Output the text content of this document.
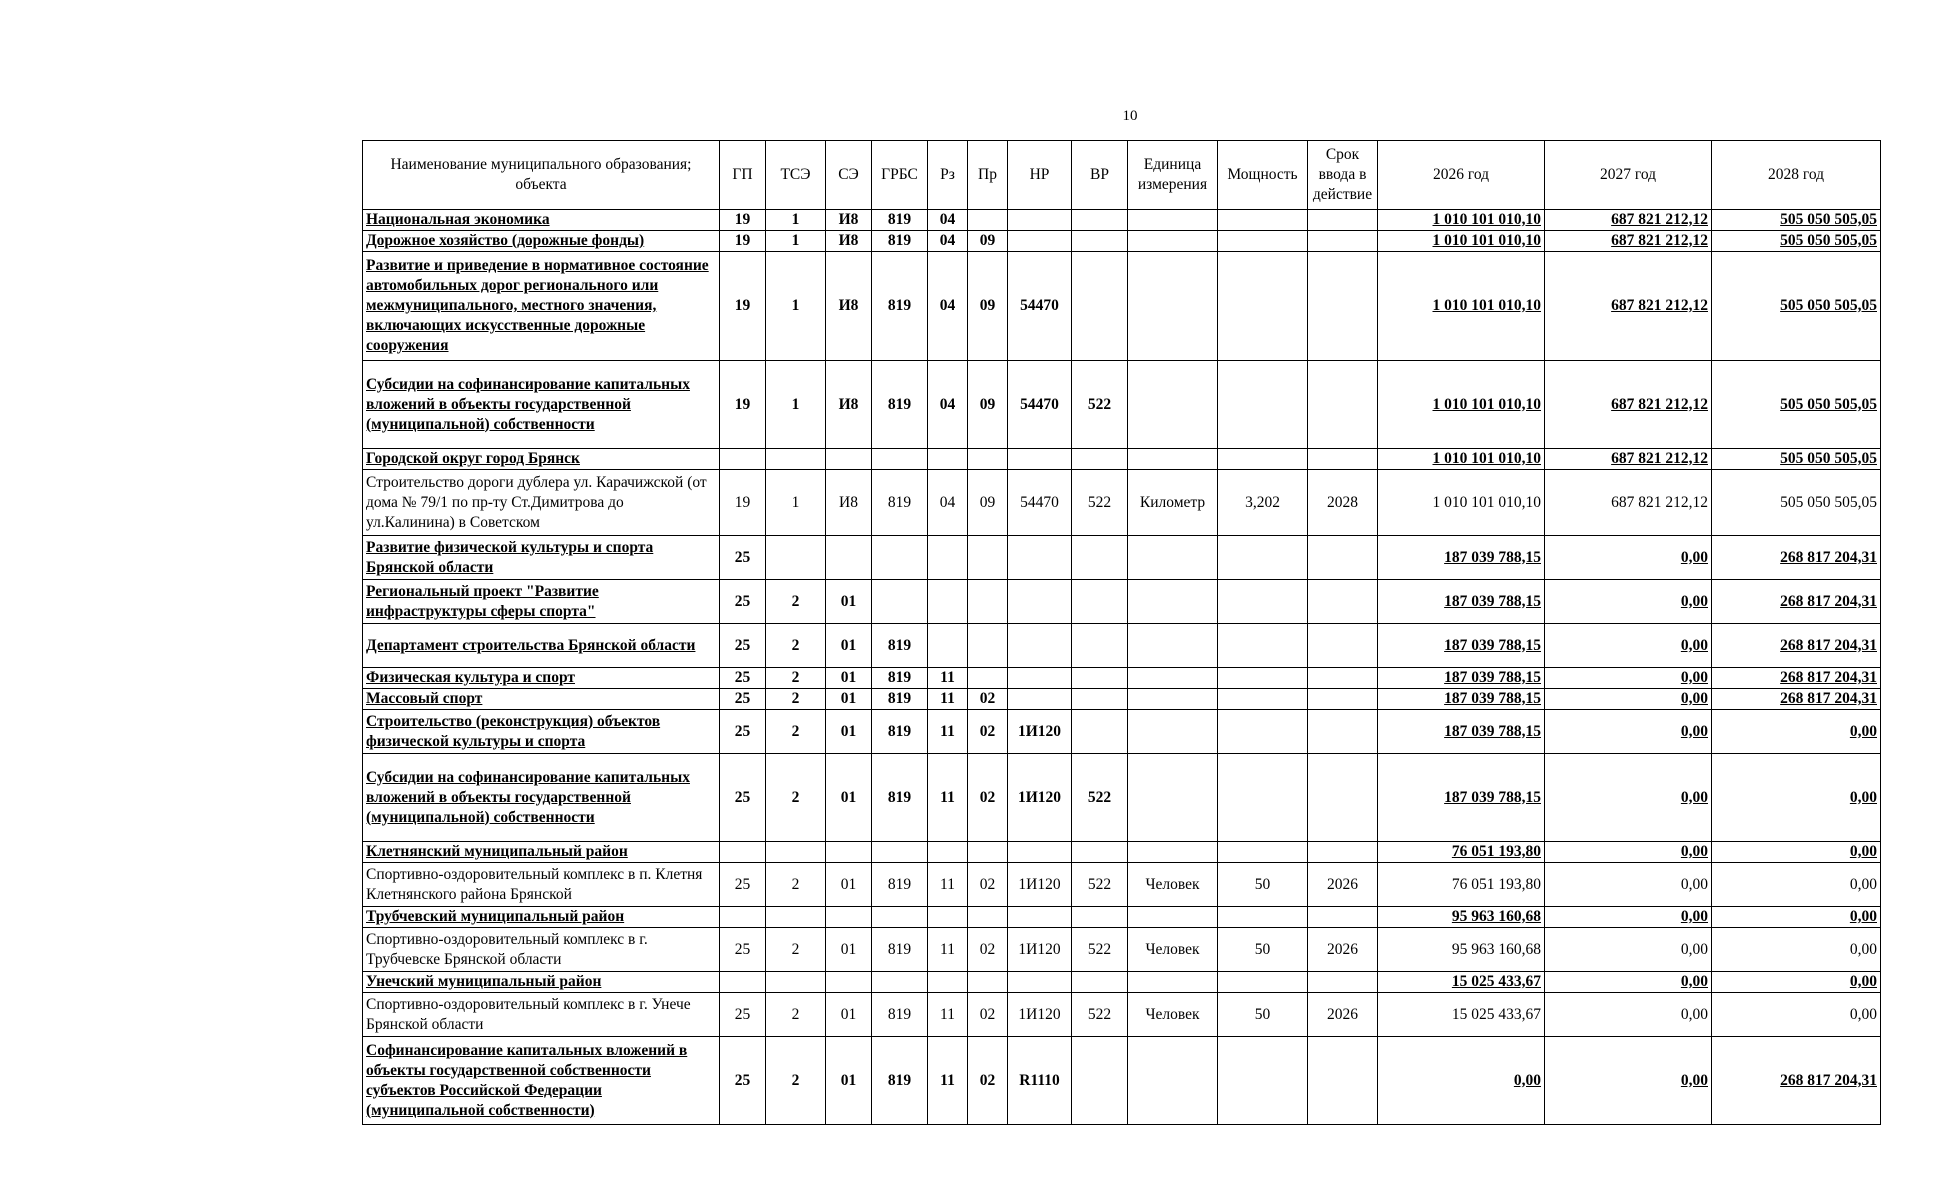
10
Наименование муниципального образования; объекта	ГП	ТСЭ	СЭ	ГРБС	Рз	Пр	НР	ВР	Единица измерения	Мощность	Срок ввода в действие	2026 год	2027 год	2028 год
Национальная экономика	19	1	И8	819	04							1 010 101 010,10	687 821 212,12	505 050 505,05
Дорожное хозяйство (дорожные фонды)	19	1	И8	819	04	09						1 010 101 010,10	687 821 212,12	505 050 505,05
Развитие и приведение в нормативное состояние автомобильных дорог регионального или межмуниципального, местного значения, включающих искусственные дорожные сооружения	19	1	И8	819	04	09	54470					1 010 101 010,10	687 821 212,12	505 050 505,05
Субсидии на софинансирование капитальных вложений в объекты государственной (муниципальной) собственности	19	1	И8	819	04	09	54470	522				1 010 101 010,10	687 821 212,12	505 050 505,05
Городской округ город Брянск												1 010 101 010,10	687 821 212,12	505 050 505,05
Строительство дороги дублера ул. Карачижской (от дома № 79/1 по пр-ту Ст.Димитрова до ул.Калинина) в Советском	19	1	И8	819	04	09	54470	522	Километр	3,202	2028	1 010 101 010,10	687 821 212,12	505 050 505,05
Развитие физической культуры и спорта Брянской области	25											187 039 788,15	0,00	268 817 204,31
Региональный проект "Развитие инфраструктуры сферы спорта"	25	2	01									187 039 788,15	0,00	268 817 204,31
Департамент строительства Брянской области	25	2	01	819								187 039 788,15	0,00	268 817 204,31
Физическая культура и спорт	25	2	01	819	11							187 039 788,15	0,00	268 817 204,31
Массовый спорт	25	2	01	819	11	02						187 039 788,15	0,00	268 817 204,31
Строительство (реконструкция) объектов физической культуры и спорта	25	2	01	819	11	02	1И120					187 039 788,15	0,00	0,00
Субсидии на софинансирование капитальных вложений в объекты государственной (муниципальной) собственности	25	2	01	819	11	02	1И120	522				187 039 788,15	0,00	0,00
Клетнянский муниципальный район												76 051 193,80	0,00	0,00
Спортивно-оздоровительный комплекс в п. Клетня Клетнянского района Брянской	25	2	01	819	11	02	1И120	522	Человек	50	2026	76 051 193,80	0,00	0,00
Трубчевский муниципальный район												95 963 160,68	0,00	0,00
Спортивно-оздоровительный комплекс в г. Трубчевске Брянской области	25	2	01	819	11	02	1И120	522	Человек	50	2026	95 963 160,68	0,00	0,00
Унечский муниципальный район												15 025 433,67	0,00	0,00
Спортивно-оздоровительный комплекс в г. Унече Брянской области	25	2	01	819	11	02	1И120	522	Человек	50	2026	15 025 433,67	0,00	0,00
Софинансирование капитальных вложений в объекты государственной собственности субъектов Российской Федерации (муниципальной собственности)	25	2	01	819	11	02	R1110					0,00	0,00	268 817 204,31
